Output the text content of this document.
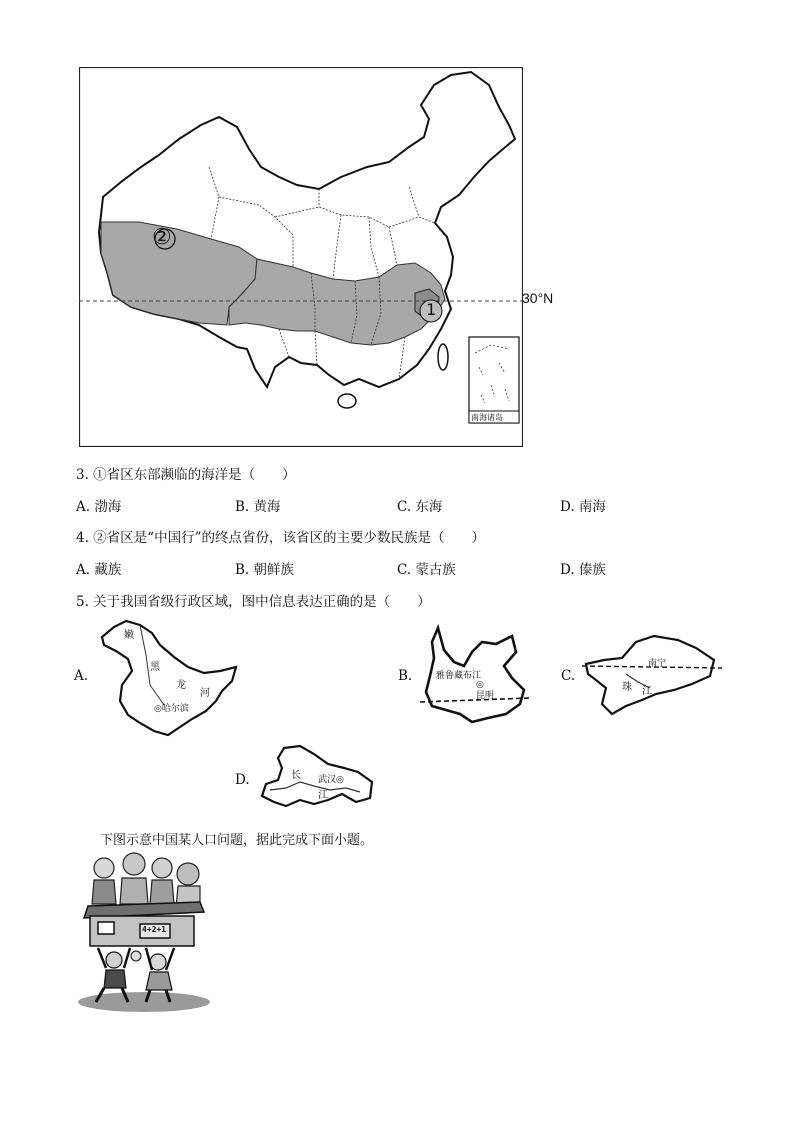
②
1
30°N
南海诸岛
3. ①省区东部濒临的海洋是（　　）
A. 渤海	B. 黄海	C. 东海	D. 南海
4. ②省区是“中国行”的终点省份，该省区的主要少数民族是（　　）
A. 藏族	B. 朝鲜族	C. 蒙古族	D. 傣族
5. 关于我国省级行政区域，图中信息表达正确的是（　　）
A.
嫩
黑
龙
河
◎哈尔滨
B.	雅鲁藏布江
◎
昆明
C.
南宁
珠 江
D.	长 武汉◎
江
下图示意中国某人口问题，据此完成下面小题。
4+2+1
